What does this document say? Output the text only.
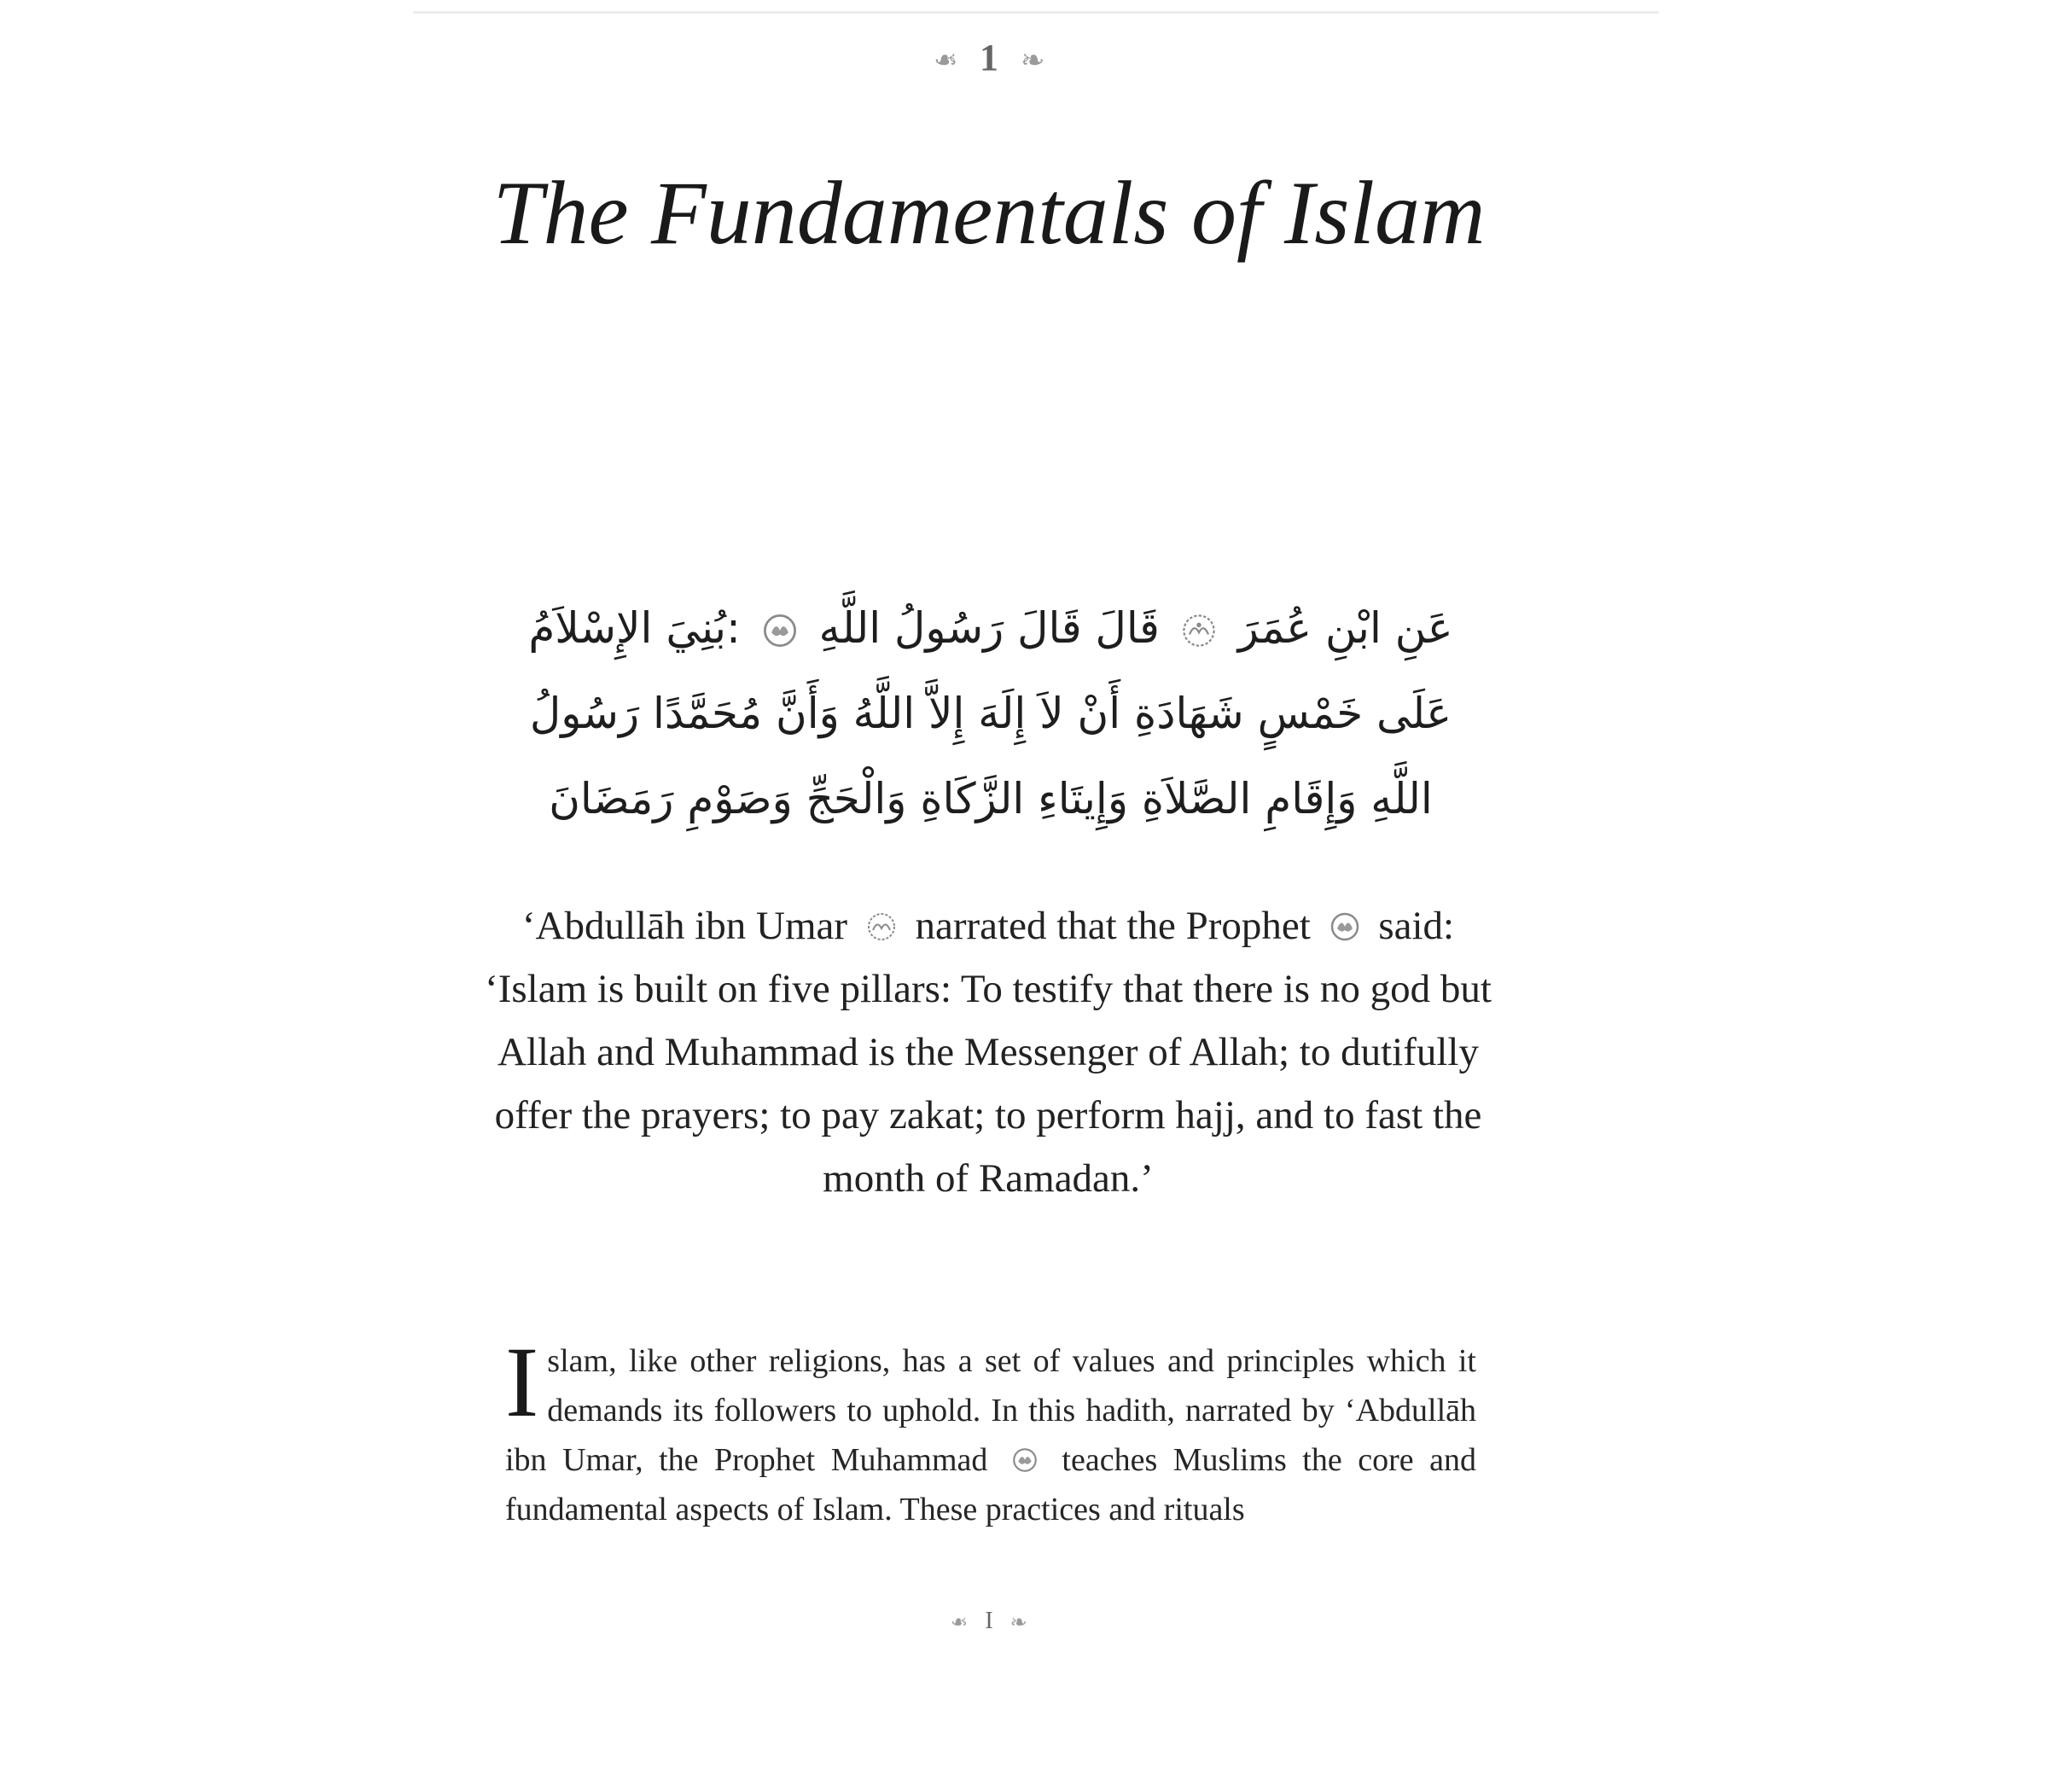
❧ 1 ❧
The Fundamentals of Islam

عَنِ ابْنِ عُمَرَ  قَالَ قَالَ رَسُولُ اللَّهِ  :بُنِيَ الإِسْلاَمُ عَلَى خَمْسٍ شَهَادَةِ أَنْ لاَ إِلَهَ إِلاَّ اللَّهُ وَأَنَّ مُحَمَّدًا رَسُولُ اللَّهِ وَإِقَامِ الصَّلاَةِ وَإِيتَاءِ الزَّكَاةِ وَالْحَجِّ وَصَوْمِ رَمَضَانَ

‘Abdullāh ibn Umar narrated that the Prophet said: ‘Islam is built on five pillars: To testify that there is no god but Allah and Muhammad is the Messenger of Allah; to dutifully offer the prayers; to pay zakat; to perform hajj, and to fast the month of Ramadan.’

Islam, like other religions, has a set of values and principles which it demands its followers to uphold. In this hadith, narrated by ‘Abdullāh ibn Umar, the Prophet Muhammad teaches Muslims the core and fundamental aspects of Islam. These practices and rituals

❧ I ❧
